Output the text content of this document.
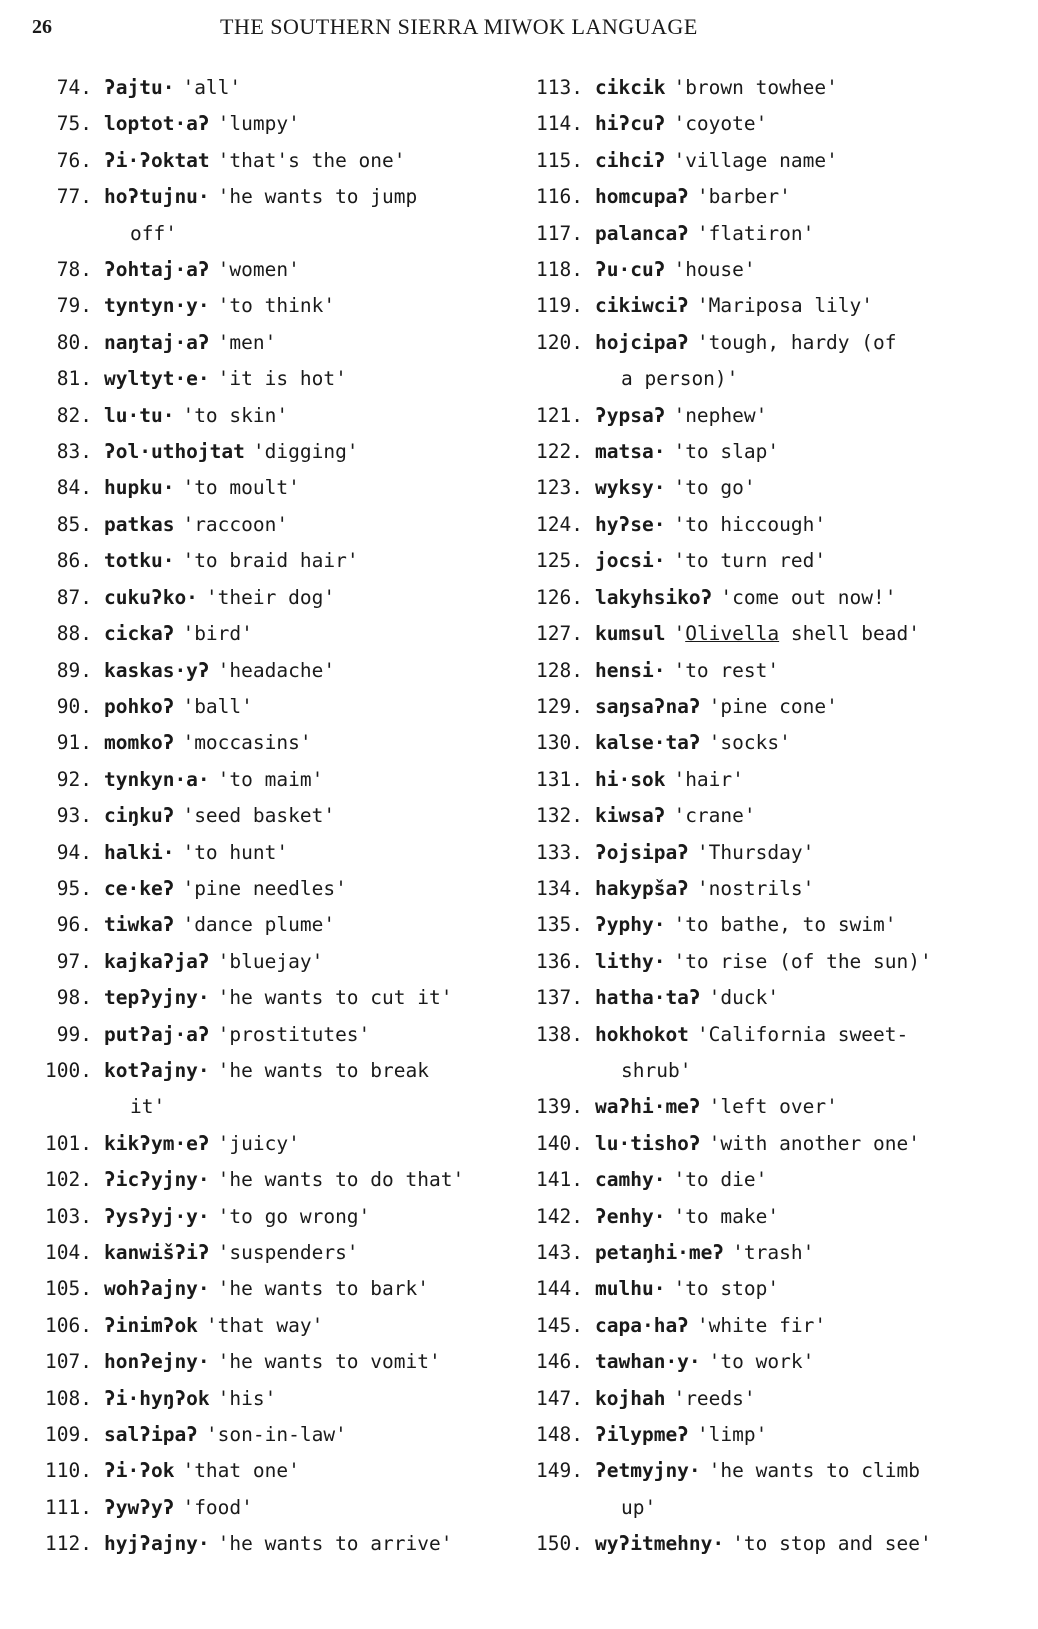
26	THE SOUTHERN SIERRA MIWOK LANGUAGE
74. ʔajtu· 'all'
75. loptot·aʔ 'lumpy'
76. ʔi·ʔoktat 'that's the one'
77. hoʔtujnu· 'he wants to jump
off'
78. ʔohtaj·aʔ 'women'
79. tyntyn·y· 'to think'
80. naŋtaj·aʔ 'men'
81. wyltyt·e· 'it is hot'
82. lu·tu· 'to skin'
83. ʔol·uthojtat 'digging'
84. hupku· 'to moult'
85. patkas 'raccoon'
86. totku· 'to braid hair'
87. cukuʔko· 'their dog'
88. cickaʔ 'bird'
89. kaskas·yʔ 'headache'
90. pohkoʔ 'ball'
91. momkoʔ 'moccasins'
92. tynkyn·a· 'to maim'
93. ciŋkuʔ 'seed basket'
94. halki· 'to hunt'
95. ce·keʔ 'pine needles'
96. tiwkaʔ 'dance plume'
97. kajkaʔjaʔ 'bluejay'
98. tepʔyjny· 'he wants to cut it'
99. putʔaj·aʔ 'prostitutes'
100. kotʔajny· 'he wants to break
it'
101. kikʔym·eʔ 'juicy'
102. ʔicʔyjny· 'he wants to do that'
103. ʔysʔyj·y· 'to go wrong'
104. kanwišʔiʔ 'suspenders'
105. wohʔajny· 'he wants to bark'
106. ʔinimʔok 'that way'
107. honʔejny· 'he wants to vomit'
108. ʔi·hyŋʔok 'his'
109. salʔipaʔ 'son-in-law'
110. ʔi·ʔok 'that one'
111. ʔywʔyʔ 'food'
112. hyjʔajny· 'he wants to arrive'
113. cikcik 'brown towhee'
114. hiʔcuʔ 'coyote'
115. cihciʔ 'village name'
116. homcupaʔ 'barber'
117. palancaʔ 'flatiron'
118. ʔu·cuʔ 'house'
119. cikiwciʔ 'Mariposa lily'
120. hojcipaʔ 'tough, hardy (of
a person)'
121. ʔypsaʔ 'nephew'
122. matsa· 'to slap'
123. wyksy· 'to go'
124. hyʔse· 'to hiccough'
125. jocsi· 'to turn red'
126. lakyhsikoʔ 'come out now!'
127. kumsul 'Olivella shell bead'
128. hensi· 'to rest'
129. saŋsaʔnaʔ 'pine cone'
130. kalse·taʔ 'socks'
131. hi·sok 'hair'
132. kiwsaʔ 'crane'
133. ʔojsipaʔ 'Thursday'
134. hakypšaʔ 'nostrils'
135. ʔyphy· 'to bathe, to swim'
136. lithy· 'to rise (of the sun)'
137. hatha·taʔ 'duck'
138. hokhokot 'California sweet-
shrub'
139. waʔhi·meʔ 'left over'
140. lu·tishoʔ 'with another one'
141. camhy· 'to die'
142. ʔenhy· 'to make'
143. petaŋhi·meʔ 'trash'
144. mulhu· 'to stop'
145. capa·haʔ 'white fir'
146. tawhan·y· 'to work'
147. kojhah 'reeds'
148. ʔilypmeʔ 'limp'
149. ʔetmyjny· 'he wants to climb
up'
150. wyʔitmehny· 'to stop and see'
